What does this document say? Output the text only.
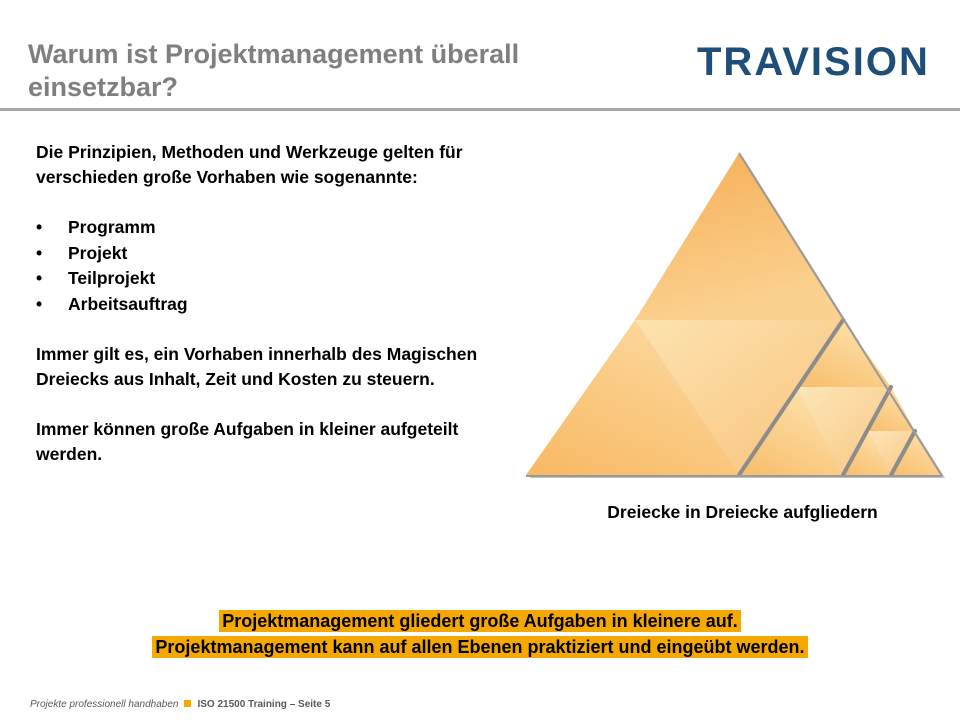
Warum ist Projektmanagement überall
einsetzbar?
TRAVISION

Die Prinzipien, Methoden und Werkzeuge gelten für verschieden große Vorhaben wie sogenannte:

• Programm
• Projekt
• Teilprojekt
• Arbeitsauftrag

Immer gilt es, ein Vorhaben innerhalb des Magischen Dreiecks aus Inhalt, Zeit und Kosten zu steuern.

Immer können große Aufgaben in kleiner aufgeteilt werden.

Dreiecke in Dreiecke aufgliedern
Projektmanagement gliedert große Aufgaben in kleinere auf.
Projektmanagement kann auf allen Ebenen praktiziert und eingeübt werden.
Projekte professionell handhaben ISO 21500 Training – Seite 5
